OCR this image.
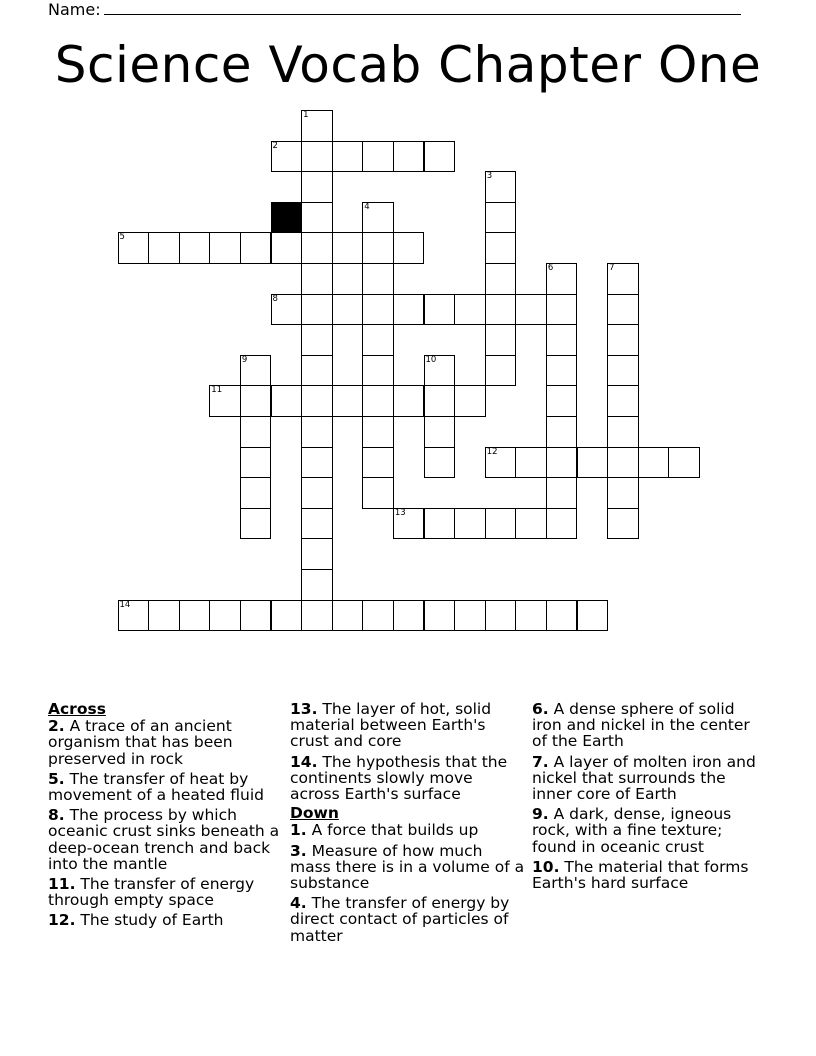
Name:
Science Vocab Chapter One
1
2
3
4
5
6	7
8
9	10
11
12
13
14
Across
2. A trace of an ancient organism that has been preserved in rock
5. The transfer of heat by movement of a heated fluid
8. The process by which oceanic crust sinks beneath a deep-ocean trench and back into the mantle
11. The transfer of energy through empty space
12. The study of Earth
13. The layer of hot, solid material between Earth's crust and core
14. The hypothesis that the continents slowly move across Earth's surface
Down
1. A force that builds up
3. Measure of how much mass there is in a volume of a substance
4. The transfer of energy by direct contact of particles of matter
6. A dense sphere of solid iron and nickel in the center of the Earth
7. A layer of molten iron and nickel that surrounds the inner core of Earth
9. A dark, dense, igneous rock, with a fine texture; found in oceanic crust
10. The material that forms Earth's hard surface
